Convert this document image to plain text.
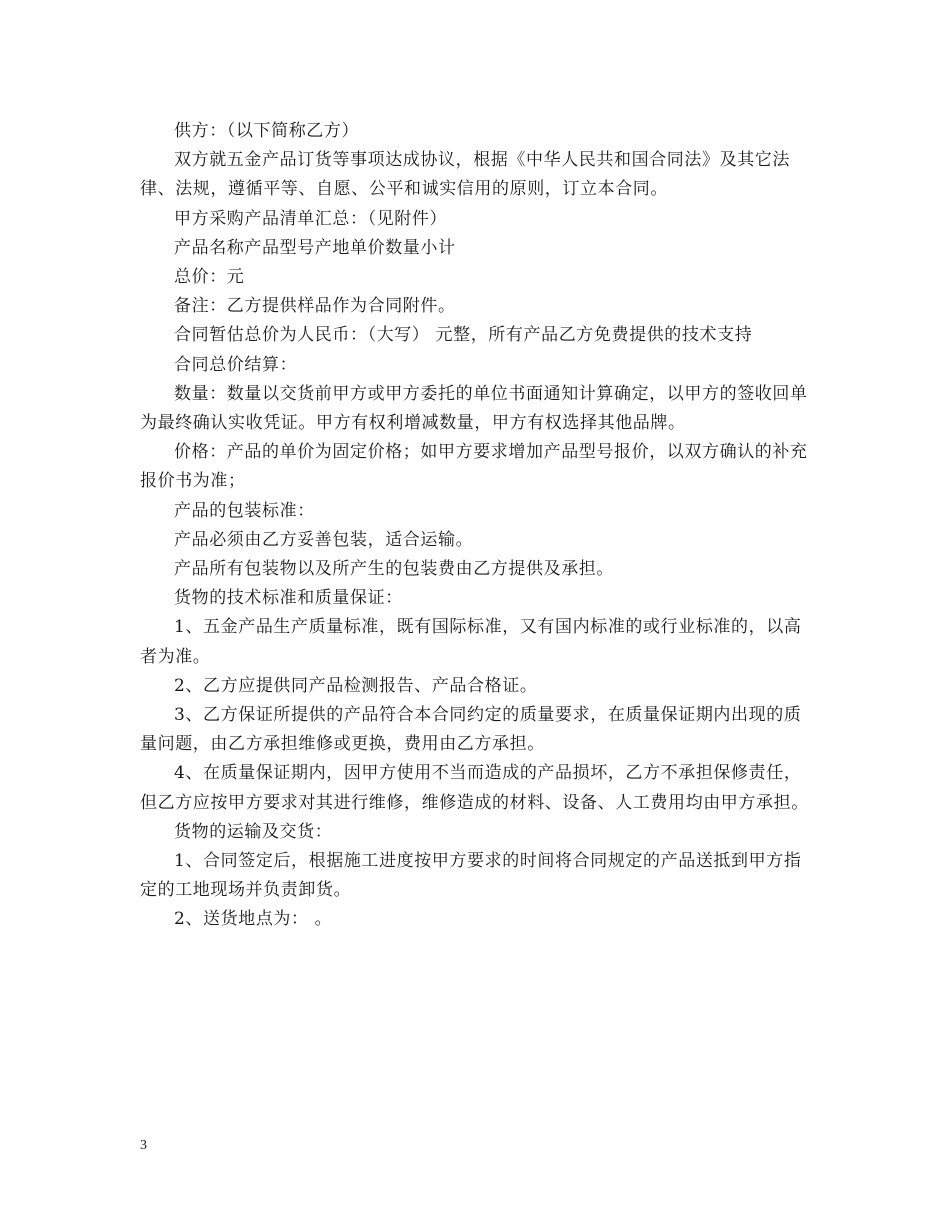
供方：（以下简称乙方）

双方就五金产品订货等事项达成协议，根据《中华人民共和国合同法》及其它法律、法规，遵循平等、自愿、公平和诚实信用的原则，订立本合同。

甲方采购产品清单汇总：（见附件）

产品名称产品型号产地单价数量小计

总价：元

备注：乙方提供样品作为合同附件。

合同暂估总价为人民币：（大写） 元整，所有产品乙方免费提供的技术支持

合同总价结算：

数量：数量以交货前甲方或甲方委托的单位书面通知计算确定，以甲方的签收回单为最终确认实收凭证。甲方有权利增减数量，甲方有权选择其他品牌。

价格：产品的单价为固定价格；如甲方要求增加产品型号报价，以双方确认的补充报价书为准；

产品的包装标准：

产品必须由乙方妥善包装，适合运输。

产品所有包装物以及所产生的包装费由乙方提供及承担。

货物的技术标准和质量保证：

1、五金产品生产质量标准，既有国际标准，又有国内标准的或行业标准的，以高者为准。

2、乙方应提供同产品检测报告、产品合格证。

3、乙方保证所提供的产品符合本合同约定的质量要求，在质量保证期内出现的质量问题，由乙方承担维修或更换，费用由乙方承担。

4、在质量保证期内，因甲方使用不当而造成的产品损坏，乙方不承担保修责任，但乙方应按甲方要求对其进行维修，维修造成的材料、设备、人工费用均由甲方承担。

货物的运输及交货：

1、合同签定后，根据施工进度按甲方要求的时间将合同规定的产品送抵到甲方指定的工地现场并负责卸货。

2、送货地点为： 。

3
